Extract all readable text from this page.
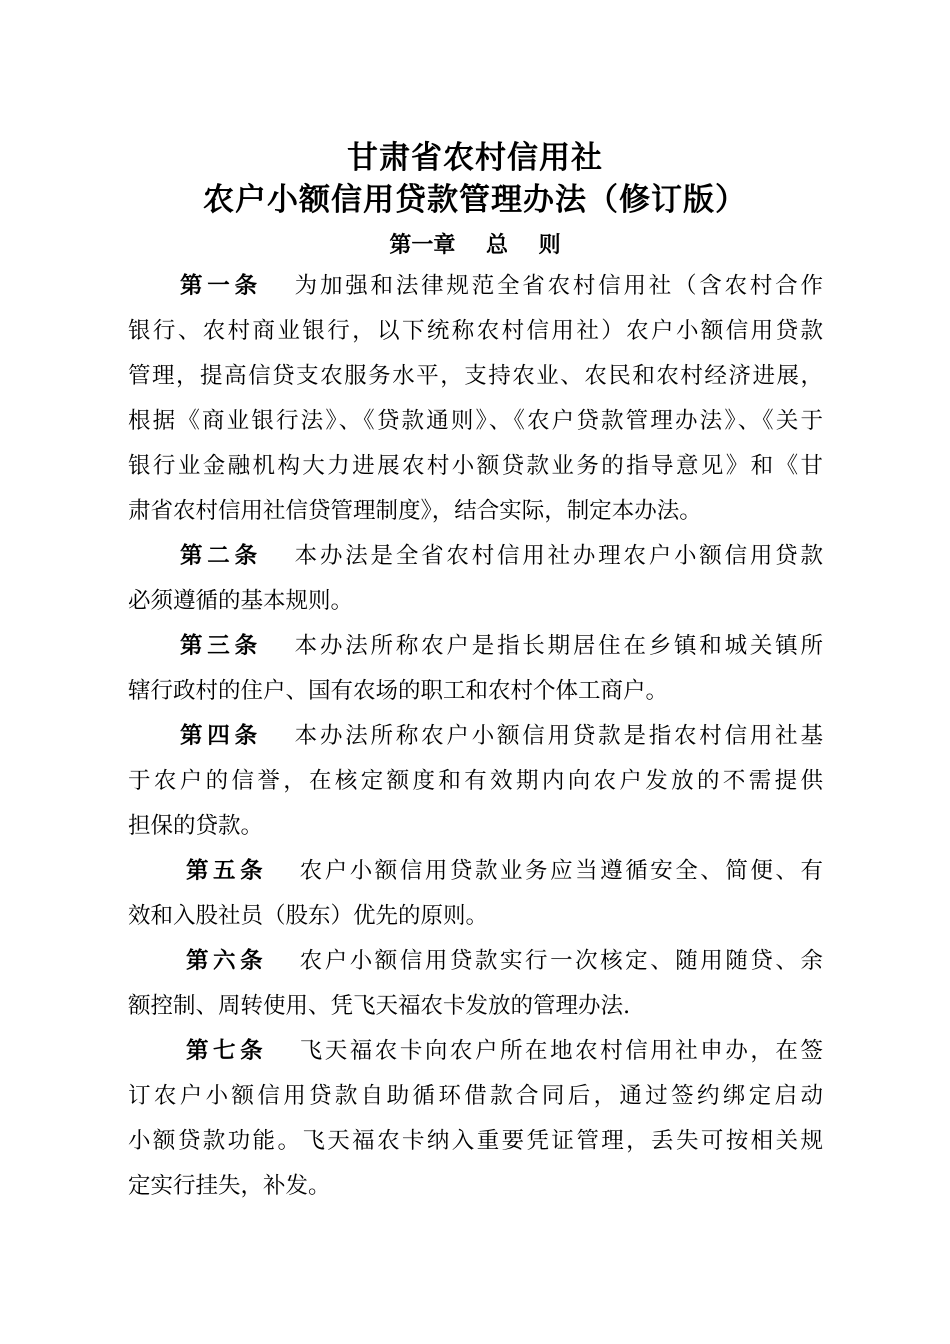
甘肃省农村信用社
农户小额信用贷款管理办法（修订版）
第一章    总    则
第一条 为加强和法律规范全省农村信用社（含农村合作
银行、农村商业银行，以下统称农村信用社）农户小额信用贷款
管理，提高信贷支农服务水平，支持农业、农民和农村经济进展，
根据《商业银行法》、《贷款通则》、《农户贷款管理办法》、《关于
银行业金融机构大力进展农村小额贷款业务的指导意见》和《甘
肃省农村信用社信贷管理制度》，结合实际，制定本办法。
第二条 本办法是全省农村信用社办理农户小额信用贷款
必须遵循的基本规则。
第三条 本办法所称农户是指长期居住在乡镇和城关镇所
辖行政村的住户、国有农场的职工和农村个体工商户。
第四条 本办法所称农户小额信用贷款是指农村信用社基
于农户的信誉，在核定额度和有效期内向农户发放的不需提供
担保的贷款。
第五条 农户小额信用贷款业务应当遵循安全、简便、有
效和入股社员（股东）优先的原则。
第六条 农户小额信用贷款实行一次核定、随用随贷、余
额控制、周转使用、凭飞天福农卡发放的管理办法.
第七条 飞天福农卡向农户所在地农村信用社申办，在签
订农户小额信用贷款自助循环借款合同后，通过签约绑定启动
小额贷款功能。飞天福农卡纳入重要凭证管理，丢失可按相关规
定实行挂失，补发。
